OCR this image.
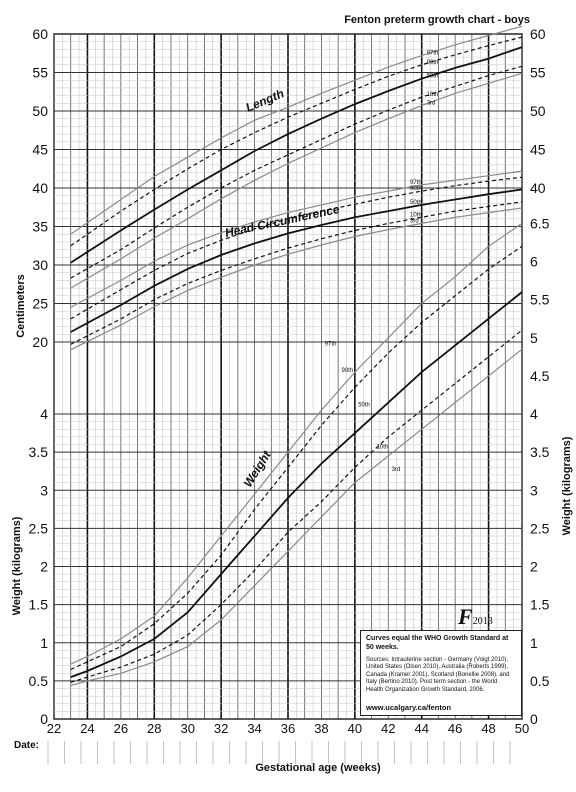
Length
Head Circumference
Weight
22 24 26 28 30 32 34 36 38 40 42 44 46 48 50
20
25
30
35
40	40
45	45
50	50
55	55
60	60
0
0.5
1
1.5
2
2.5
3
3.5
4
0
0.5
1
1.5
2
2.5
3
3.5
4
4.5
5
5.5
6
6.5
97th
97th
90th
90th
50th
50th
10th
10th
3rd
3rd
97th
90th
50th
10th
3rd
Fenton preterm growth chart - boys
Centimeters
Weight (kilograms)
Weight (kilograms)
Date:
Gestational age (weeks)
F2013
Curves equal the WHO Growth Standard at 50 weeks.
Sources: Intrauterine section - Germany (Voigt 2010), United States (Olsen 2010), Australia (Roberts 1999), Canada (Kramer 2001), Scotland (Bonellie 2008), and Italy (Bertino 2010). Post term section - the World Health Organization Growth Standard, 2006.
www.ucalgary.ca/fenton
